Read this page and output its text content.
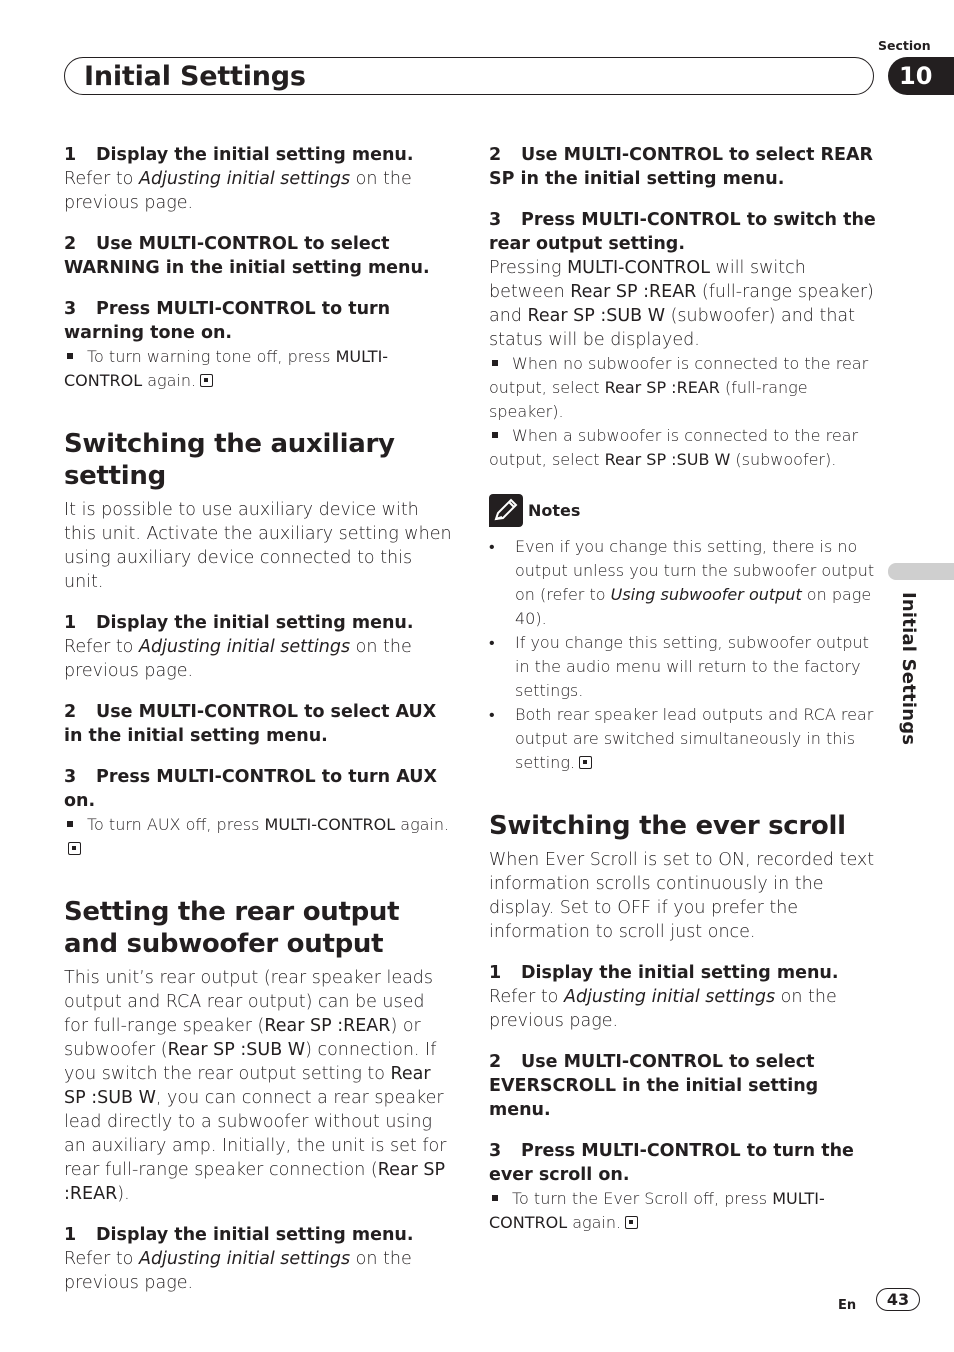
Initial Settings
Section
10
Initial Settings

1 Display the initial setting menu.

Refer to Adjusting initial settings on the previous page.

2 Use MULTI-CONTROL to select WARNING in the initial setting menu.

3 Press MULTI-CONTROL to turn warning tone on.

To turn warning tone off, press MULTI-CONTROL again.

Switching the auxiliary setting

It is possible to use auxiliary device with this unit. Activate the auxiliary setting when using auxiliary device connected to this unit.

1 Display the initial setting menu.

Refer to Adjusting initial settings on the previous page.

2 Use MULTI-CONTROL to select AUX in the initial setting menu.

3 Press MULTI-CONTROL to turn AUX on.

To turn AUX off, press MULTI-CONTROL again.

Setting the rear output and subwoofer output

This unit’s rear output (rear speaker leads output and RCA rear output) can be used for full-range speaker (Rear SP :REAR) or subwoofer (Rear SP :SUB W) connection. If you switch the rear output setting to Rear SP :SUB W, you can connect a rear speaker lead directly to a subwoofer without using an auxiliary amp. Initially, the unit is set for rear full-range speaker connection (Rear SP :REAR).

1 Display the initial setting menu.

Refer to Adjusting initial settings on the previous page.

2 Use MULTI-CONTROL to select REAR SP in the initial setting menu.

3 Press MULTI-CONTROL to switch the rear output setting.

Pressing MULTI-CONTROL will switch between Rear SP :REAR (full-range speaker) and Rear SP :SUB W (subwoofer) and that status will be displayed.

When no subwoofer is connected to the rear output, select Rear SP :REAR (full-range speaker).

When a subwoofer is connected to the rear output, select Rear SP :SUB W (subwoofer).

Notes
• Even if you change this setting, there is no output unless you turn the subwoofer output on (refer to Using subwoofer output on page 40).
• If you change this setting, subwoofer output in the audio menu will return to the factory settings.
• Both rear speaker lead outputs and RCA rear output are switched simultaneously in this setting.
Switching the ever scroll

When Ever Scroll is set to ON, recorded text information scrolls continuously in the display. Set to OFF if you prefer the information to scroll just once.

1 Display the initial setting menu.

Refer to Adjusting initial settings on the previous page.

2 Use MULTI-CONTROL to select EVERSCROLL in the initial setting menu.

3 Press MULTI-CONTROL to turn the ever scroll on.

To turn the Ever Scroll off, press MULTI-CONTROL again.

En	43
